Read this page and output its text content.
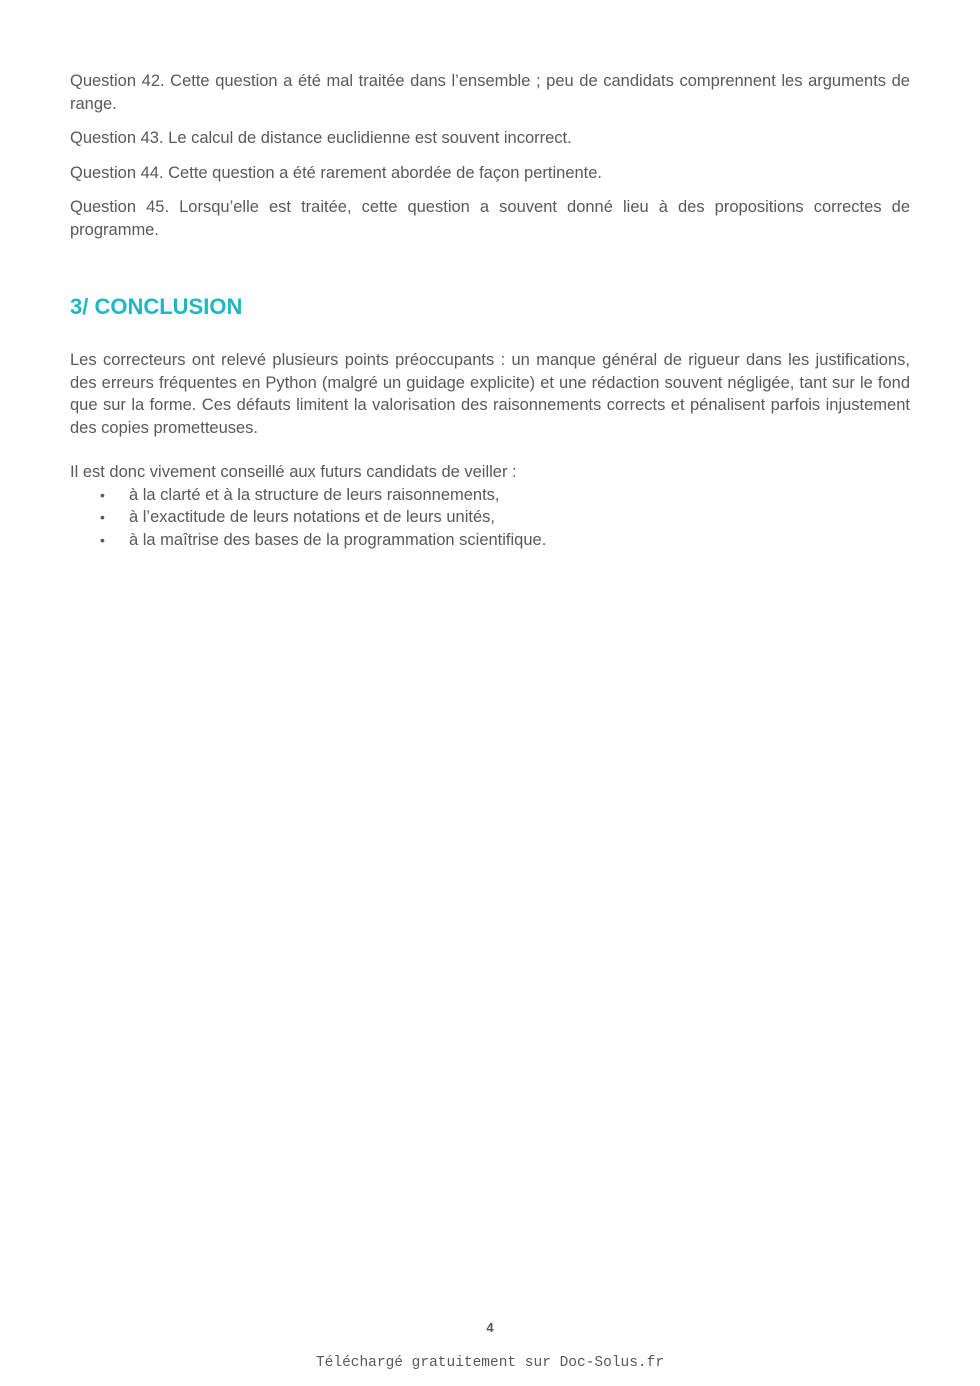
Question 42. Cette question a été mal traitée dans l’ensemble ; peu de candidats comprennent les arguments de range.

Question 43. Le calcul de distance euclidienne est souvent incorrect.

Question 44. Cette question a été rarement abordée de façon pertinente.

Question 45. Lorsqu’elle est traitée, cette question a souvent donné lieu à des propositions correctes de programme.

3/ CONCLUSION

Les correcteurs ont relevé plusieurs points préoccupants : un manque général de rigueur dans les justifications, des erreurs fréquentes en Python (malgré un guidage explicite) et une rédaction souvent négligée, tant sur le fond que sur la forme. Ces défauts limitent la valorisation des raisonnements corrects et pénalisent parfois injustement des copies prometteuses.

Il est donc vivement conseillé aux futurs candidats de veiller :

• à la clarté et à la structure de leurs raisonnements,
• à l’exactitude de leurs notations et de leurs unités,
• à la maîtrise des bases de la programmation scientifique.
4
Téléchargé gratuitement sur Doc-Solus.fr
